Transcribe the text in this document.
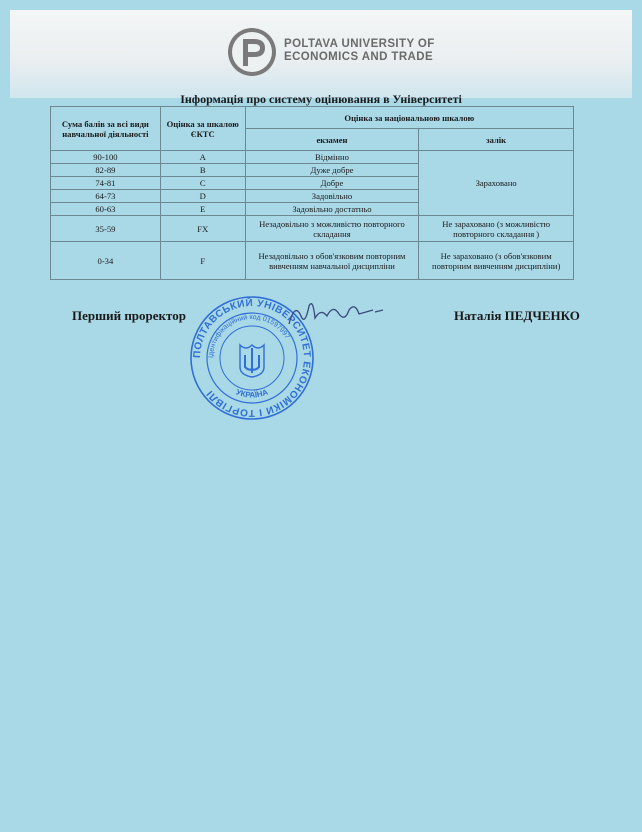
POLTAVA UNIVERSITY OF
ECONOMICS AND TRADE
Інформація про систему оцінювання в Університеті
Сума балів за всі види навчальної діяльності	Оцінка за шкалою ЄКТС	Оцінка за національною шкалою	
		екзамен	залік
90-100	A	Відмінно	Зараховано
82-89	B	Дуже добре	
74-81	C	Добре	
64-73	D	Задовільно	
60-63	E	Задовільно достатньо	
35-59	FX	Незадовільно з можливістю повторного складання	Не зараховано (з можливістю повторного складання )
0-34	F	Незадовільно з обов'язковим повторним вивченням навчальної дисципліни	Не зараховано (з обов'язковим повторним вивченням дисципліни)
Перший проректор	Наталія ПЕДЧЕНКО
ПОЛТАВСЬКИЙ УНІВЕРСИТЕТ ЕКОНОМІКИ І ТОРГІВЛІ
Ідентифікаційний код 01597997
УКРАЇНА
